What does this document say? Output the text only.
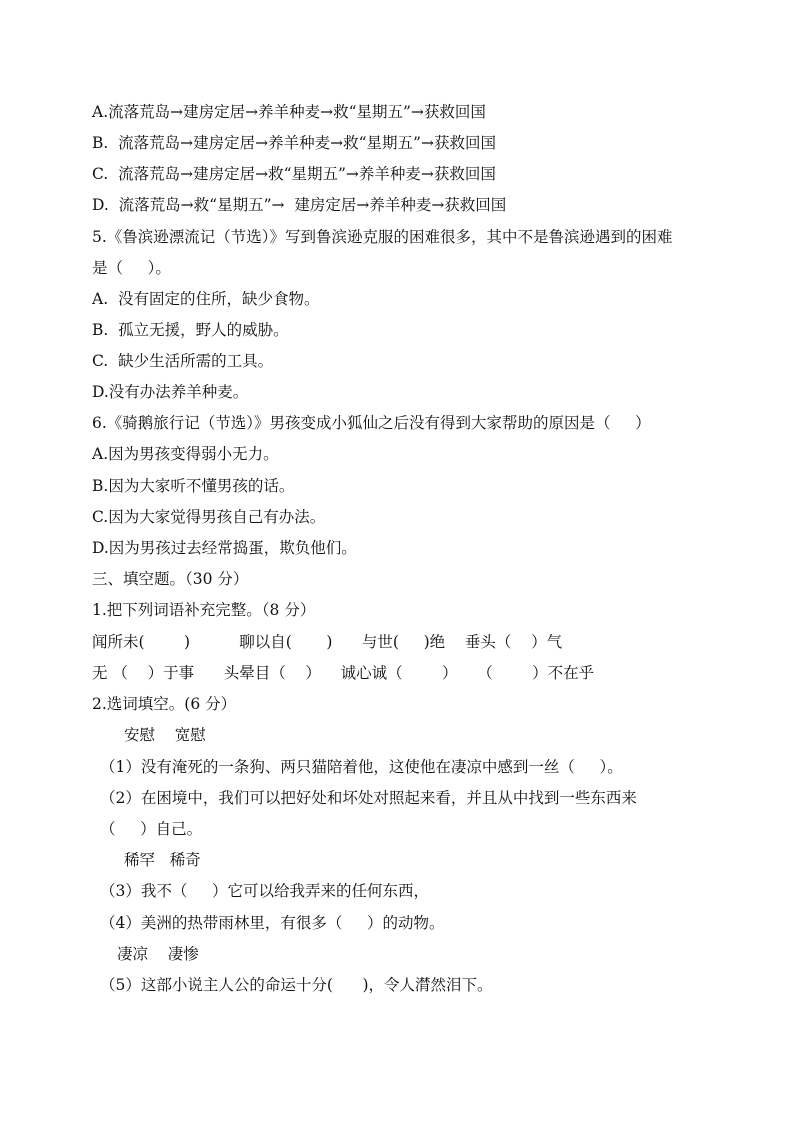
A.流落荒岛→建房定居→养羊种麦→救“星期五”→获救回国
B.  流落荒岛→建房定居→养羊种麦→救“星期五”→获救回国
C.  流落荒岛→建房定居→救“星期五”→养羊种麦→获救回国
D.  流落荒岛→救“星期五”→  建房定居→养羊种麦→获救回国
5.《鲁滨逊漂流记（节选）》写到鲁滨逊克服的困难很多，其中不是鲁滨逊遇到的困难
是（     ）。
A.  没有固定的住所，缺少食物。
B.  孤立无援，野人的威胁。
C.  缺少生活所需的工具。
D.没有办法养羊种麦。
6.《骑鹅旅行记（节选）》男孩变成小狐仙之后没有得到大家帮助的原因是（     ）
A.因为男孩变得弱小无力。
B.因为大家听不懂男孩的话。
C.因为大家觉得男孩自己有办法。
D.因为男孩过去经常捣蛋，欺负他们。
三、填空题。（30 分）
1.把下列词语补充完整。（8 分）
闻所未(        )          聊以自(       )      与世(     )绝    垂头（    ）气
无 （    ）于事      头晕目（    ）    诚心诚（        ）    （        ）不在乎
2.选词填空。(6 分）
安慰    宽慰
（1）没有淹死的一条狗、两只猫陪着他，这使他在凄凉中感到一丝（     ）。
（2）在困境中，我们可以把好处和坏处对照起来看，并且从中找到一些东西来
（     ）自己。
稀罕   稀奇
（3）我不（     ）它可以给我弄来的任何东西，
（4）美洲的热带雨林里，有很多（     ）的动物。
凄凉    凄惨
（5）这部小说主人公的命运十分(      )，令人潸然泪下。
